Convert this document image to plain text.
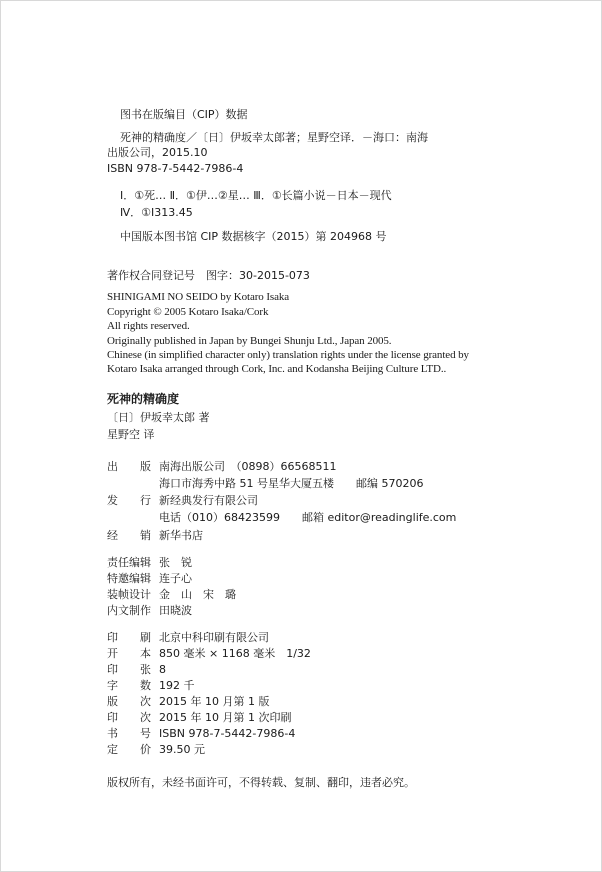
图书在版编目（CIP）数据
死神的精确度／〔日〕伊坂幸太郎著；星野空译．－海口：南海
出版公司，2015.10
ISBN 978-7-5442-7986-4
Ⅰ．①死… Ⅱ．①伊…②星… Ⅲ．①长篇小说－日本－现代
Ⅳ．①I313.45
中国版本图书馆 CIP 数据核字（2015）第 204968 号
著作权合同登记号　图字：30-2015-073
SHINIGAMI NO SEIDO by Kotaro Isaka
Copyright © 2005 Kotaro Isaka/Cork
All rights reserved.
Originally published in Japan by Bungei Shunju Ltd., Japan 2005.
Chinese (in simplified character only) translation rights under the license granted by
Kotaro Isaka arranged through Cork, Inc. and Kodansha Beijing Culture LTD..
死神的精确度
〔日〕伊坂幸太郎 著
星野空 译
出　　版 南海出版公司　（0898）66568511
海口市海秀中路 51 号星华大厦五楼　　邮编 570206
发　　行 新经典发行有限公司
电话（010）68423599　　邮箱 editor@readinglife.com
经　　销 新华书店
责任编辑 张　锐
特邀编辑 连子心
装帧设计 金　山　宋　璐
内文制作 田晓波
印　　刷 北京中科印刷有限公司
开　　本 850 毫米 × 1168 毫米　1/32
印　　张 8
字　　数 192 千
版　　次 2015 年 10 月第 1 版
印　　次 2015 年 10 月第 1 次印刷
书　　号 ISBN 978-7-5442-7986-4
定　　价 39.50 元
版权所有，未经书面许可，不得转载、复制、翻印，违者必究。
